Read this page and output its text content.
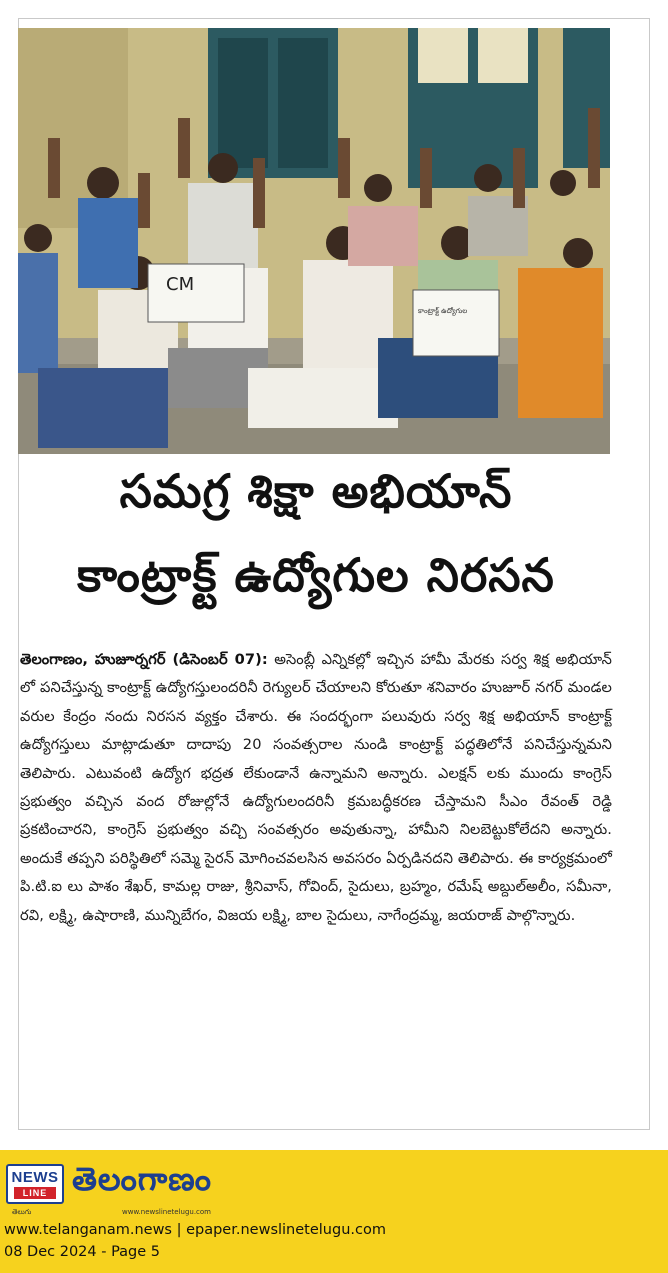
CM
కాంట్రాక్ట్ ఉద్యోగుల
సమగ్ర శిక్షా అభియాన్
కాంట్రాక్ట్ ఉద్యోగుల నిరసన
తెలంగాణం, హుజూర్నగర్ (డిసెంబర్ 07): అసెంబ్లీ ఎన్నికల్లో ఇచ్చిన హామీ మేరకు సర్వ శిక్ష అభియాన్ లో పనిచేస్తున్న కాంట్రాక్ట్ ఉద్యోగస్తులందరినీ రెగ్యులర్ చేయాలని కోరుతూ శనివారం హుజూర్ నగర్ మండల వరుల కేంద్రం నందు నిరసన వ్యక్తం చేశారు. ఈ సందర్భంగా పలువురు సర్వ శిక్ష అభియాన్ కాంట్రాక్ట్ ఉద్యోగస్తులు మాట్లాడుతూ దాదాపు 20 సంవత్సరాల నుండి కాంట్రాక్ట్ పద్ధతిలోనే పనిచేస్తున్నమని తెలిపారు. ఎటువంటి ఉద్యోగ భద్రత లేకుండానే ఉన్నామని అన్నారు. ఎలక్షన్ లకు ముందు కాంగ్రెస్ ప్రభుత్వం వచ్చిన వంద రోజుల్లోనే ఉద్యోగులందరినీ క్రమబద్ధీకరణ చేస్తామని సీఎం రేవంత్ రెడ్డి ప్రకటించారని, కాంగ్రెస్ ప్రభుత్వం వచ్చి సంవత్సరం అవుతున్నా, హామీని నిలబెట్టుకోలేదని అన్నారు. అందుకే తప్పని పరిస్థితిలో సమ్మె సైరన్ మోగించవలసిన అవసరం ఏర్పడినదని తెలిపారు. ఈ కార్యక్రమంలో పి.టి.ఐ లు పాశం శేఖర్, కామల్ల రాజు, శ్రీనివాస్, గోవింద్, సైదులు, బ్రహ్మం, రమేష్ అబ్దుల్అలీం, సమీనా, రవి, లక్ష్మి, ఉషారాణి, మున్నిబేగం, విజయ లక్ష్మి, బాల సైదులు, నాగేంద్రమ్మ, జయరాజ్ పాల్గొన్నారు.
NEWS
LINE
తెలుగు
తెలంగాణం
www.newslinetelugu.com
www.telanganam.news | epaper.newslinetelugu.com
08 Dec 2024 - Page 5
